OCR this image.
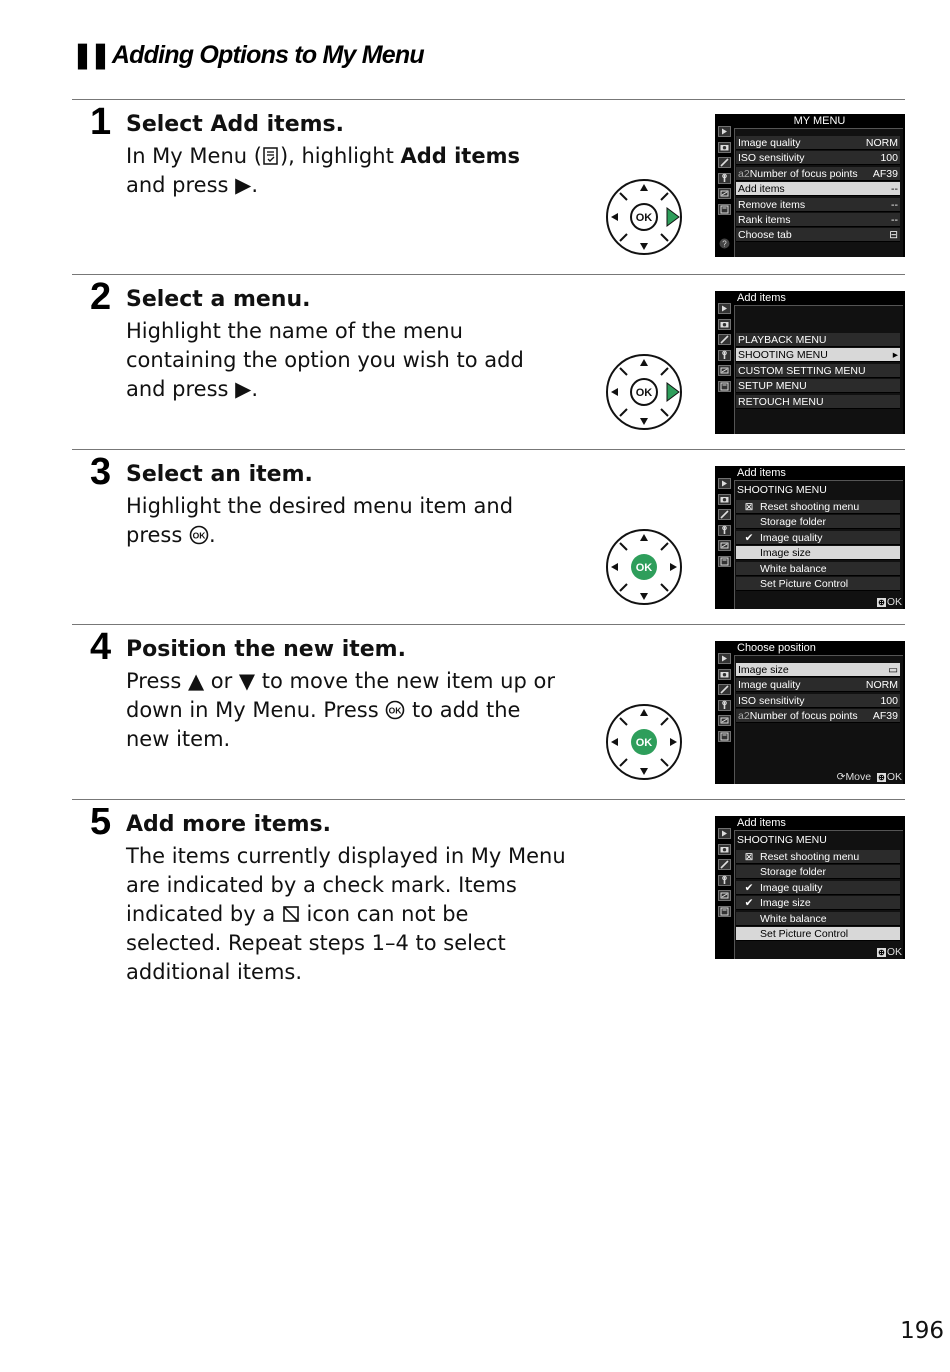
❚❚ Adding Options to My Menu
1 Select Add items.
In My Menu ( ), highlight Add items and press ▶.
OK
?
MY MENU
Image quality	NORM
ISO sensitivity	100
a2Number of focus points AF39
Add items	--
Remove items	--
Rank items	--
Choose tab	⊟
2 Select a menu.
Highlight the name of the menu containing the option you wish to add and press ▶.	OK
Add items
PLAYBACK MENU
SHOOTING MENU	▸
CUSTOM SETTING MENU
SETUP MENU
RETOUCH MENU
3 Select an item.
Highlight the desired menu item and press OK .
OK
Add items
SHOOTING MENU
⊠ Reset shooting menu
Storage folder
✔ Image quality
Image size
White balance
Set Picture Control
⊕ OK
4 Position the new item.
Press ▲ or ▼ to move the new item up or down in My Menu. Press OK to add the new item.	OK
Choose position
Image size	▭
Image quality	NORM
ISO sensitivity	100
a2Number of focus points AF39
⟳Move ⊕ OK
5 Add more items.
The items currently displayed in My Menu are indicated by a check mark. Items indicated by a  icon can not be selected. Repeat steps 1–4 to select additional items.
Add items
SHOOTING MENU
⊠ Reset shooting menu
Storage folder
✔ Image quality
✔ Image size
White balance
Set Picture Control
⊕ OK
196
